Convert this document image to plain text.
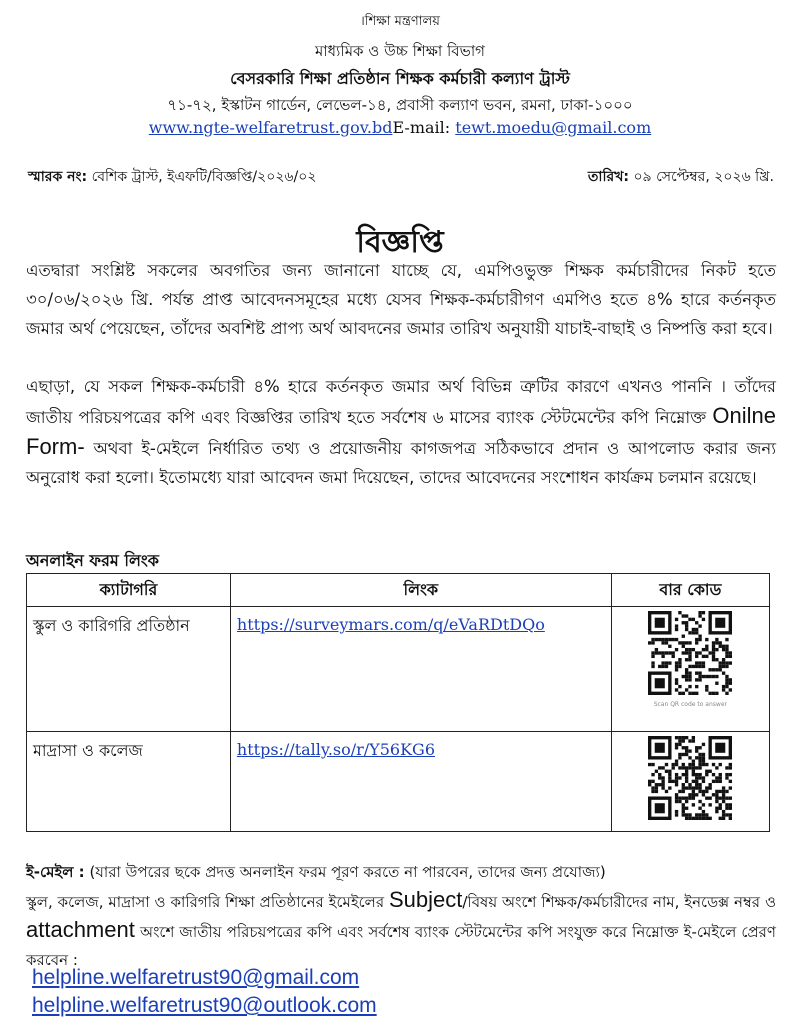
।শিক্ষা মন্ত্রণালয়
মাধ্যমিক ও উচ্চ শিক্ষা বিভাগ
বেসরকারি শিক্ষা প্রতিষ্ঠান শিক্ষক কর্মচারী কল্যাণ ট্রাস্ট
৭১-৭২, ইস্কাটন গার্ডেন, লেভেল-১৪, প্রবাসী কল্যাণ ভবন, রমনা, ঢাকা-১০০০
www.ngte-welfaretrust.gov.bdE-mail: tewt.moedu@gmail.com
স্মারক নং: বেশিক ট্রাস্ট, ইএফটি/বিজ্ঞপ্তি/২০২৬/০২	তারিখ: ০৯ সেপ্টেম্বর, ২০২৬ খ্রি.
বিজ্ঞপ্তি
এতদ্বারা সংশ্লিষ্ট সকলের অবগতির জন্য জানানো যাচ্ছে যে, এমপিওভুক্ত শিক্ষক কর্মচারীদের নিকট হতে ৩০/০৬/২০২৬ খ্রি. পর্যন্ত প্রাপ্ত আবেদনসমূহের মধ্যে যেসব শিক্ষক-কর্মচারীগণ এমপিও হতে ৪% হারে কর্তনকৃত জমার অর্থ পেয়েছেন, তাঁদের অবশিষ্ট প্রাপ্য অর্থ আবদনের জমার তারিখ অনুযায়ী যাচাই-বাছাই ও নিষ্পত্তি করা হবে।
এছাড়া, যে সকল শিক্ষক-কর্মচারী ৪% হারে কর্তনকৃত জমার অর্থ বিভিন্ন ত্রুটির কারণে এখনও পাননি । তাঁদের জাতীয় পরিচয়পত্রের কপি এবং বিজ্ঞপ্তির তারিখ হতে সর্বশেষ ৬ মাসের ব্যাংক স্টেটমেন্টের কপি নিম্নোক্ত Onilne Form- অথবা ই-মেইলে নির্ধারিত তথ্য ও প্রয়োজনীয় কাগজপত্র সঠিকভাবে প্রদান ও আপলোড করার জন্য অনুরোধ করা হলো। ইতোমধ্যে যারা আবেদন জমা দিয়েছেন, তাদের আবেদনের সংশোধন কার্যক্রম চলমান রয়েছে।
অনলাইন ফরম লিংক
ক্যাটাগরি	লিংক	বার কোড
স্কুল ও কারিগরি প্রতিষ্ঠান	https://surveymars.com/q/eVaRDtDQo	Scan QR code to answer

মাদ্রাসা ও কলেজ	https://tally.so/r/Y56KG6	
ই-মেইল : (যারা উপরের ছকে প্রদত্ত অনলাইন ফরম পূরণ করতে না পারবেন, তাদের জন্য প্রযোজ্য)
স্কুল, কলেজ, মাদ্রাসা ও কারিগরি শিক্ষা প্রতিষ্ঠানের ইমেইলের Subject/বিষয় অংশে শিক্ষক/কর্মচারীদের নাম, ইনডেক্স নম্বর ও attachment অংশে জাতীয় পরিচয়পত্রের কপি এবং সর্বশেষ ব্যাংক স্টেটমেন্টের কপি সংযুক্ত করে নিম্নোক্ত ই-মেইলে প্রেরণ করবেন :
helpline.welfaretrust90@gmail.com
helpline.welfaretrust90@outlook.com
